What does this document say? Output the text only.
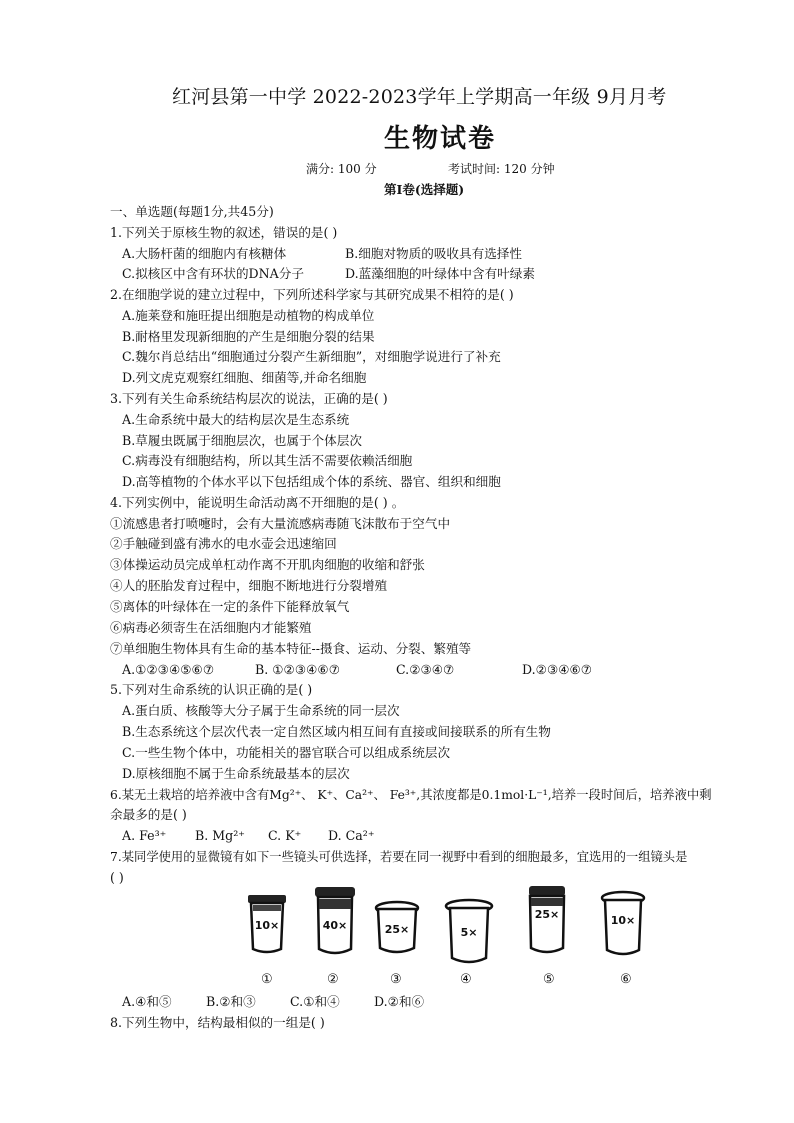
红河县第一中学 2022-2023学年上学期高一年级 9月月考
生物试卷
满分: 100 分	考试时间: 120 分钟
第Ⅰ卷(选择题)
一、单选题(每题1分,共45分)
1.下列关于原核生物的叙述，错误的是( )
A.大肠杆菌的细胞内有核糖体	B.细胞对物质的吸收具有选择性
C.拟核区中含有环状的DNA分子	D.蓝藻细胞的叶绿体中含有叶绿素
2.在细胞学说的建立过程中，下列所述科学家与其研究成果不相符的是( )
A.施莱登和施旺提出细胞是动植物的构成单位
B.耐格里发现新细胞的产生是细胞分裂的结果
C.魏尔肖总结出“细胞通过分裂产生新细胞”，对细胞学说进行了补充
D.列文虎克观察红细胞、细菌等,并命名细胞
3.下列有关生命系统结构层次的说法，正确的是( )
A.生命系统中最大的结构层次是生态系统
B.草履虫既属于细胞层次，也属于个体层次
C.病毒没有细胞结构，所以其生活不需要依赖活细胞
D.高等植物的个体水平以下包括组成个体的系统、器官、组织和细胞
4.下列实例中，能说明生命活动离不开细胞的是( ) 。
①流感患者打喷嚏时，会有大量流感病毒随飞沫散布于空气中
②手触碰到盛有沸水的电水壶会迅速缩回
③体操运动员完成单杠动作离不开肌肉细胞的收缩和舒张
④人的胚胎发育过程中，细胞不断地进行分裂增殖
⑤离体的叶绿体在一定的条件下能释放氧气
⑥病毒必须寄生在活细胞内才能繁殖
⑦单细胞生物体具有生命的基本特征--摄食、运动、分裂、繁殖等
A.①②③④⑤⑥⑦	B. ①②③④⑥⑦	C.②③④⑦	D.②③④⑥⑦
5.下列对生命系统的认识正确的是( )
A.蛋白质、核酸等大分子属于生命系统的同一层次
B.生态系统这个层次代表一定自然区域内相互间有直接或间接联系的所有生物
C.一些生物个体中，功能相关的器官联合可以组成系统层次
D.原核细胞不属于生命系统最基本的层次
6.某无土栽培的培养液中含有Mg²⁺、 K⁺、Ca²⁺、 Fe³⁺,其浓度都是0.1mol·L⁻¹,培养一段时间后，培养液中剩
余最多的是( )
A. Fe³⁺ B. Mg²⁺ C. K⁺ D. Ca²⁺
7.某同学使用的显微镜有如下一些镜头可供选择，若要在同一视野中看到的细胞最多，宜选用的一组镜头是
( )
10×	40×	25×	5×
25×	10×
①	②	③	④	⑤	⑥
A.④和⑤	B.②和③	C.①和④	D.②和⑥
8.下列生物中，结构最相似的一组是( )
